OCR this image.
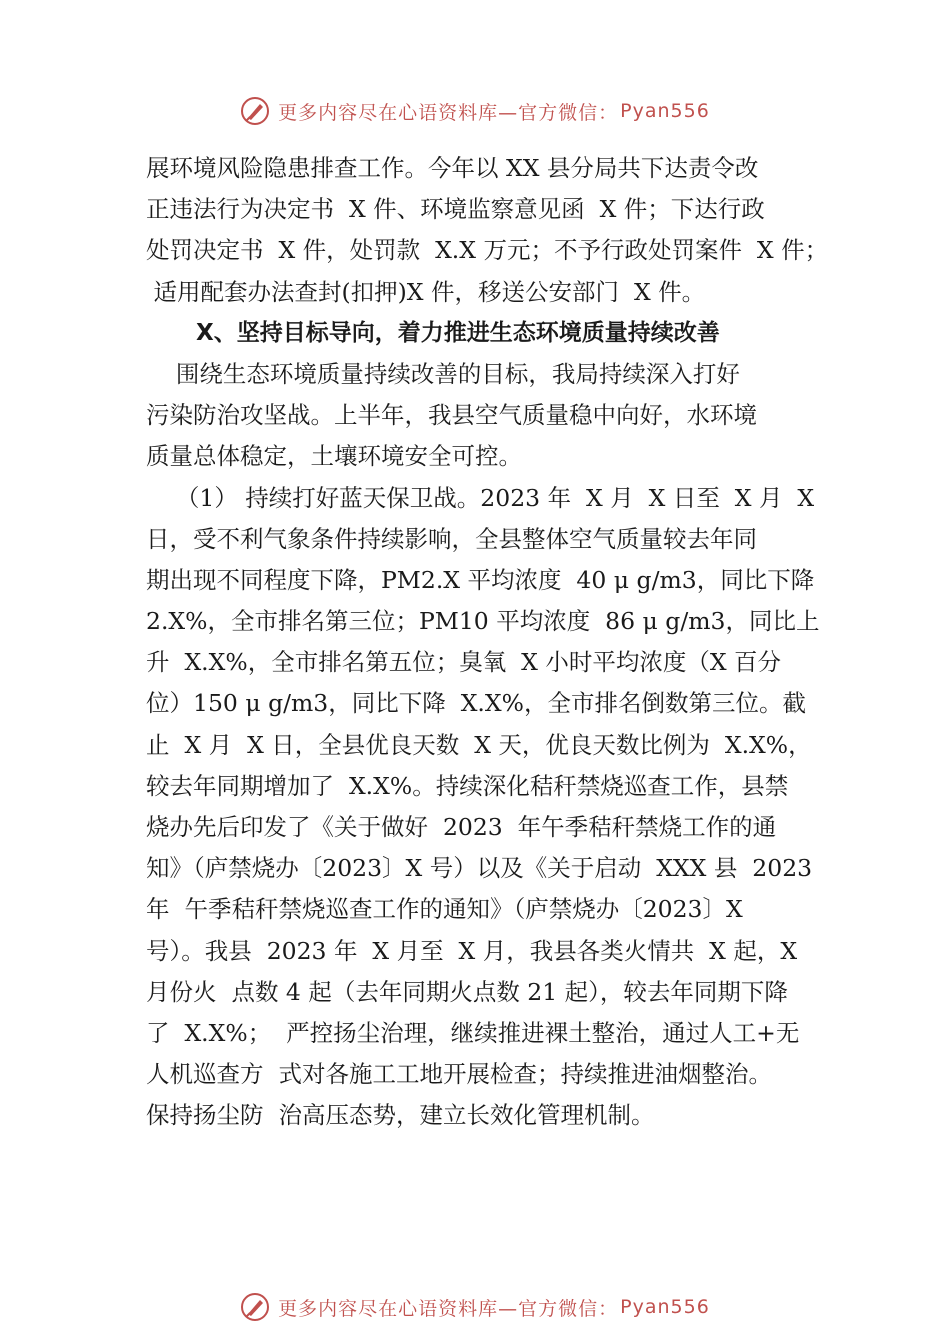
更多内容尽在心语资料库—官方微信： Pyan556
展环境风险隐患排查工作。今年以 XX 县分局共下达责令改
正违法行为决定书  X 件、环境监察意见函  X 件；下达行政
处罚决定书  X 件，处罚款  X.X 万元；不予行政处罚案件  X 件；
适用配套办法查封(扣押)X 件，移送公安部门  X 件。
X、坚持目标导向，着力推进生态环境质量持续改善
围绕生态环境质量持续改善的目标，我局持续深入打好
污染防治攻坚战。上半年，我县空气质量稳中向好，水环境
质量总体稳定，土壤环境安全可控。
（1） 持续打好蓝天保卫战。2023 年  X 月  X 日至  X 月  X
日，受不利气象条件持续影响，全县整体空气质量较去年同
期出现不同程度下降，PM2.X 平均浓度  40 μ g/m3，同比下降
2.X%，全市排名第三位；PM10 平均浓度  86 μ g/m3，同比上
升  X.X%，全市排名第五位；臭氧  X 小时平均浓度（X 百分
位）150 μ g/m3，同比下降  X.X%，全市排名倒数第三位。截
止  X 月  X 日，全县优良天数  X 天，优良天数比例为  X.X%，
较去年同期增加了  X.X%。持续深化秸秆禁烧巡查工作，县禁
烧办先后印发了《关于做好  2023  年午季秸秆禁烧工作的通
知》（庐禁烧办〔2023〕X 号）以及《关于启动  XXX 县  2023
年  午季秸秆禁烧巡查工作的通知》（庐禁烧办〔2023〕X
号）。我县  2023 年  X 月至  X 月，我县各类火情共  X 起，X
月份火  点数 4 起（去年同期火点数 21 起），较去年同期下降
了  X.X%；  严控扬尘治理，继续推进裸土整治，通过人工+无
人机巡查方  式对各施工工地开展检查；持续推进油烟整治。
保持扬尘防  治高压态势，建立长效化管理机制。
更多内容尽在心语资料库—官方微信： Pyan556
